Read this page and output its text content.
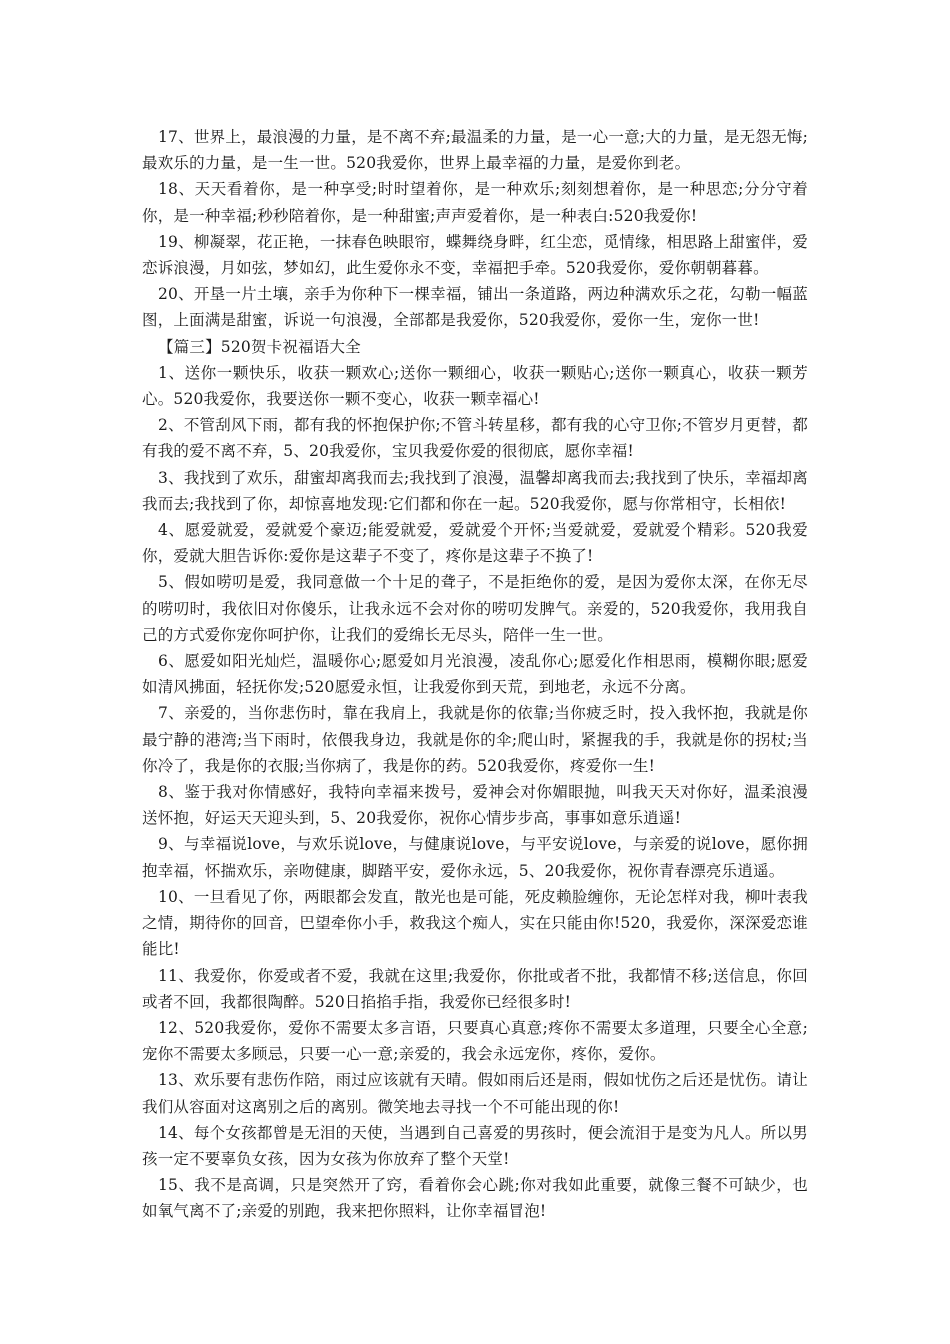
17、世界上，最浪漫的力量，是不离不弃;最温柔的力量，是一心一意;大的力量，是无怨无悔;最欢乐的力量，是一生一世。520我爱你，世界上最幸福的力量，是爱你到老。

18、天天看着你，是一种享受;时时望着你，是一种欢乐;刻刻想着你，是一种思恋;分分守着你，是一种幸福;秒秒陪着你，是一种甜蜜;声声爱着你，是一种表白:520我爱你!

19、柳凝翠，花正艳，一抹春色映眼帘，蝶舞绕身畔，红尘恋，觅情缘，相思路上甜蜜伴，爱恋诉浪漫，月如弦，梦如幻，此生爱你永不变，幸福把手牵。520我爱你，爱你朝朝暮暮。

20、开垦一片土壤，亲手为你种下一棵幸福，铺出一条道路，两边种满欢乐之花，勾勒一幅蓝图，上面满是甜蜜，诉说一句浪漫，全部都是我爱你，520我爱你，爱你一生，宠你一世!

【篇三】520贺卡祝福语大全

1、送你一颗快乐，收获一颗欢心;送你一颗细心，收获一颗贴心;送你一颗真心，收获一颗芳心。520我爱你，我要送你一颗不变心，收获一颗幸福心!

2、不管刮风下雨，都有我的怀抱保护你;不管斗转星移，都有我的心守卫你;不管岁月更替，都有我的爱不离不弃，5、20我爱你，宝贝我爱你爱的很彻底，愿你幸福!

3、我找到了欢乐，甜蜜却离我而去;我找到了浪漫，温馨却离我而去;我找到了快乐，幸福却离我而去;我找到了你，却惊喜地发现:它们都和你在一起。520我爱你，愿与你常相守，长相依!

4、愿爱就爱，爱就爱个豪迈;能爱就爱，爱就爱个开怀;当爱就爱，爱就爱个精彩。520我爱你，爱就大胆告诉你:爱你是这辈子不变了，疼你是这辈子不换了!

5、假如唠叨是爱，我同意做一个十足的聋子，不是拒绝你的爱，是因为爱你太深，在你无尽的唠叨时，我依旧对你傻乐，让我永远不会对你的唠叨发脾气。亲爱的，520我爱你，我用我自己的方式爱你宠你呵护你，让我们的爱绵长无尽头，陪伴一生一世。

6、愿爱如阳光灿烂，温暖你心;愿爱如月光浪漫，凌乱你心;愿爱化作相思雨，模糊你眼;愿爱如清风拂面，轻抚你发;520愿爱永恒，让我爱你到天荒，到地老，永远不分离。

7、亲爱的，当你悲伤时，靠在我肩上，我就是你的依靠;当你疲乏时，投入我怀抱，我就是你最宁静的港湾;当下雨时，依偎我身边，我就是你的伞;爬山时，紧握我的手，我就是你的拐杖;当你冷了，我是你的衣服;当你病了，我是你的药。520我爱你，疼爱你一生!

8、鉴于我对你情感好，我特向幸福来拨号，爱神会对你媚眼抛，叫我天天对你好，温柔浪漫送怀抱，好运天天迎头到，5、20我爱你，祝你心情步步高，事事如意乐逍遥!

9、与幸福说love，与欢乐说love，与健康说love，与平安说love，与亲爱的说love，愿你拥抱幸福，怀揣欢乐，亲吻健康，脚踏平安，爱你永远，5、20我爱你，祝你青春漂亮乐逍遥。

10、一旦看见了你，两眼都会发直，散光也是可能，死皮赖脸缠你，无论怎样对我，柳叶表我之情，期待你的回音，巴望牵你小手，救我这个痴人，实在只能由你!520，我爱你，深深爱恋谁能比!

11、我爱你，你爱或者不爱，我就在这里;我爱你，你批或者不批，我都情不移;送信息，你回或者不回，我都很陶醉。520日掐掐手指，我爱你已经很多时!

12、520我爱你，爱你不需要太多言语，只要真心真意;疼你不需要太多道理，只要全心全意;宠你不需要太多顾忌，只要一心一意;亲爱的，我会永远宠你，疼你，爱你。

13、欢乐要有悲伤作陪，雨过应该就有天晴。假如雨后还是雨，假如忧伤之后还是忧伤。请让我们从容面对这离别之后的离别。微笑地去寻找一个不可能出现的你!

14、每个女孩都曾是无泪的天使，当遇到自己喜爱的男孩时，便会流泪于是变为凡人。所以男孩一定不要辜负女孩，因为女孩为你放弃了整个天堂!

15、我不是高调，只是突然开了窍，看着你会心跳;你对我如此重要，就像三餐不可缺少，也如氧气离不了;亲爱的别跑，我来把你照料，让你幸福冒泡!
